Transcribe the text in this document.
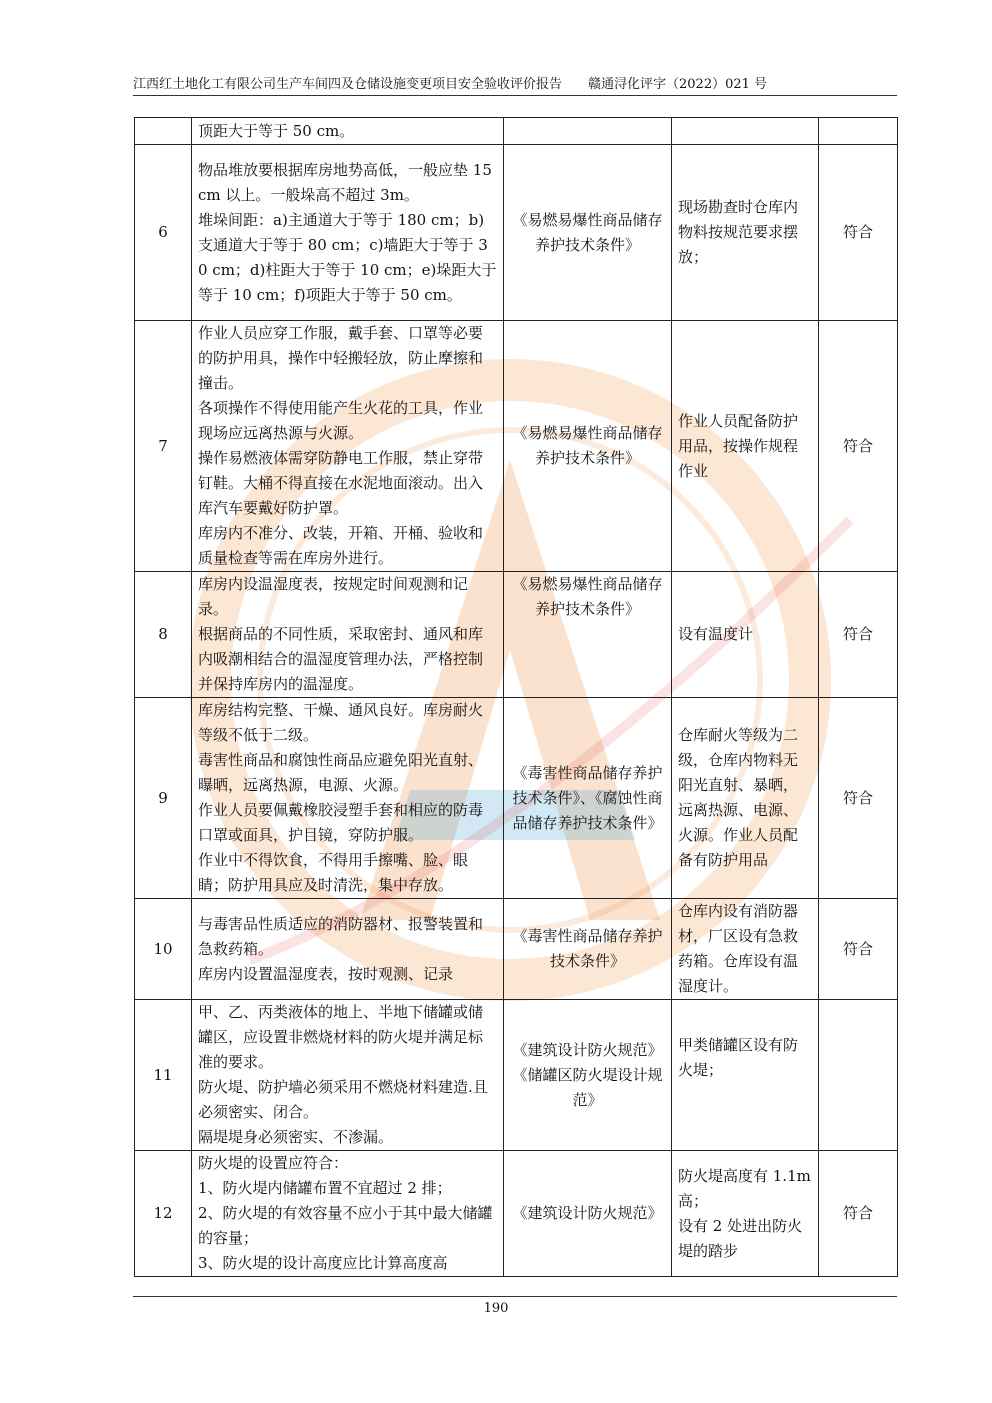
江西红土地化工有限公司生产车间四及仓储设施变更项目安全验收评价报告 赣通浔化评字（2022）021 号

	顶距大于等于 50 cm。			

6	物品堆放要根据库房地势高低，一般应垫 15cm 以上。一般垛高不超过 3m。
堆垛间距：a)主通道大于等于 180 cm；b)支通道大于等于 80 cm；c)墙距大于等于 30 cm；d)柱距大于等于 10 cm；e)垛距大于等于 10 cm；f)项距大于等于 50 cm。	《易燃易爆性商品储存养护技术条件》	现场勘查时仓库内物料按规范要求摆放；	符合
7	作业人员应穿工作服，戴手套、口罩等必要的防护用具，操作中轻搬轻放，防止摩擦和撞击。
各项操作不得使用能产生火花的工具，作业现场应远离热源与火源。
操作易燃液体需穿防静电工作服，禁止穿带钉鞋。大桶不得直接在水泥地面滚动。出入库汽车要戴好防护罩。
库房内不准分、改装，开箱、开桶、验收和质量检查等需在库房外进行。	《易燃易爆性商品储存养护技术条件》	作业人员配备防护用品，按操作规程作业	符合
8	库房内设温湿度表，按规定时间观测和记录。
根据商品的不同性质，采取密封、通风和库内吸潮相结合的温湿度管理办法，严格控制并保持库房内的温湿度。	《易燃易爆性商品储存养护技术条件》	设有温度计	符合
9	库房结构完整、干燥、通风良好。库房耐火等级不低于二级。
毒害性商品和腐蚀性商品应避免阳光直射、曝晒，远离热源，电源、火源。
作业人员要佩戴橡胶浸塑手套和相应的防毒口罩或面具，护目镜，穿防护服。
作业中不得饮食，不得用手擦嘴、脸、眼睛；防护用具应及时清洗，集中存放。	《毒害性商品储存养护技术条件》、《腐蚀性商品储存养护技术条件》	仓库耐火等级为二级，仓库内物料无阳光直射、暴晒，远离热源、电源、火源。作业人员配备有防护用品	符合
10	与毒害品性质适应的消防器材、报警装置和急救药箱。
库房内设置温湿度表，按时观测、记录	《毒害性商品储存养护技术条件》	仓库内设有消防器材，厂区设有急救药箱。仓库设有温湿度计。	符合
11	甲、乙、丙类液体的地上、半地下储罐或储罐区，应设置非燃烧材料的防火堤并满足标准的要求。
防火堤、防护墙必须采用不燃烧材料建造.且必须密实、闭合。
隔堤堤身必须密实、不渗漏。	《建筑设计防火规范》《储罐区防火堤设计规范》	甲类储罐区设有防火堤；	

12	防火堤的设置应符合：
1、防火堤内储罐布置不宜超过 2 排；
2、防火堤的有效容量不应小于其中最大储罐的容量；
3、防火堤的设计高度应比计算高度高	《建筑设计防火规范》	防火堤高度有 1.1m 高；
设有 2 处进出防火堤的踏步	符合
190
